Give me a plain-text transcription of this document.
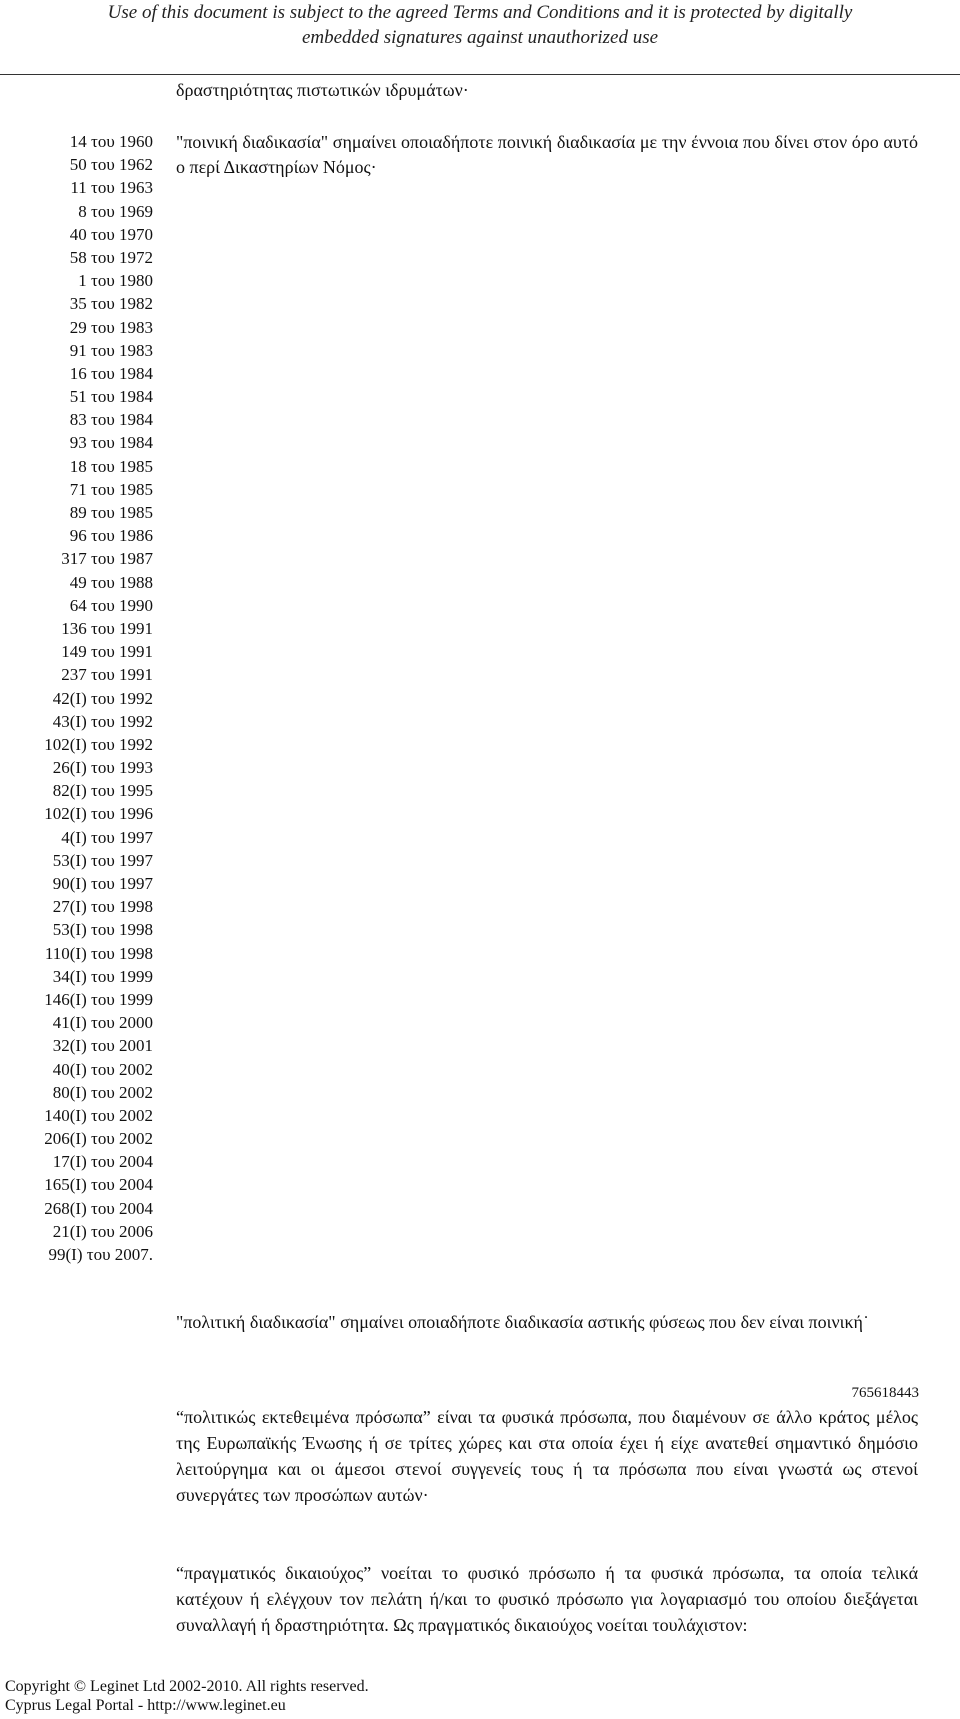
Use of this document is subject to the agreed Terms and Conditions and it is protected by digitally
embedded signatures against unauthorized use
δραστηριότητας πιστωτικών ιδρυμάτων·
14 του 1960
50 του 1962
11 του 1963
8 του 1969
40 του 1970
58 του 1972
1 του 1980
35 του 1982
29 του 1983
91 του 1983
16 του 1984
51 του 1984
83 του 1984
93 του 1984
18 του 1985
71 του 1985
89 του 1985
96 του 1986
317 του 1987
49 του 1988
64 του 1990
136 του 1991
149 του 1991
237 του 1991
42(Ι) του 1992
43(Ι) του 1992
102(Ι) του 1992
26(Ι) του 1993
82(Ι) του 1995
102(Ι) του 1996
4(Ι) του 1997
53(Ι) του 1997
90(Ι) του 1997
27(Ι) του 1998
53(Ι) του 1998
110(Ι) του 1998
34(Ι) του 1999
146(Ι) του 1999
41(Ι) του 2000
32(Ι) του 2001
40(Ι) του 2002
80(Ι) του 2002
140(Ι) του 2002
206(Ι) του 2002
17(Ι) του 2004
165(Ι) του 2004
268(Ι) του 2004
21(Ι) του 2006
99(Ι) του 2007.

"ποινική διαδικασία" σημαίνει οποιαδήποτε ποινική διαδικασία με την έννοια που δίνει στον όρο αυτό ο περί Δικαστηρίων Νόμος·

"πολιτική διαδικασία" σημαίνει οποιαδήποτε διαδικασία αστικής φύσεως που δεν είναι ποινική˙

765618443

“πολιτικώς εκτεθειμένα πρόσωπα” είναι τα φυσικά πρόσωπα, που διαμένουν σε άλλο κράτος μέλος της Ευρωπαϊκής Ένωσης ή σε τρίτες χώρες και στα οποία έχει ή είχε ανατεθεί σημαντικό δημόσιο λειτούργημα και οι άμεσοι στενοί συγγενείς τους ή τα πρόσωπα που είναι γνωστά ως στενοί συνεργάτες των προσώπων αυτών·

“πραγματικός δικαιούχος” νοείται το φυσικό πρόσωπο ή τα φυσικά πρόσωπα, τα οποία τελικά κατέχουν ή ελέγχουν τον πελάτη ή/και το φυσικό πρόσωπο για λογαριασμό του οποίου διεξάγεται συναλλαγή ή δραστηριότητα. Ως πραγματικός δικαιούχος νοείται τουλάχιστον:

Copyright © Leginet Ltd 2002-2010. All rights reserved.
Cyprus Legal Portal - http://www.leginet.eu
